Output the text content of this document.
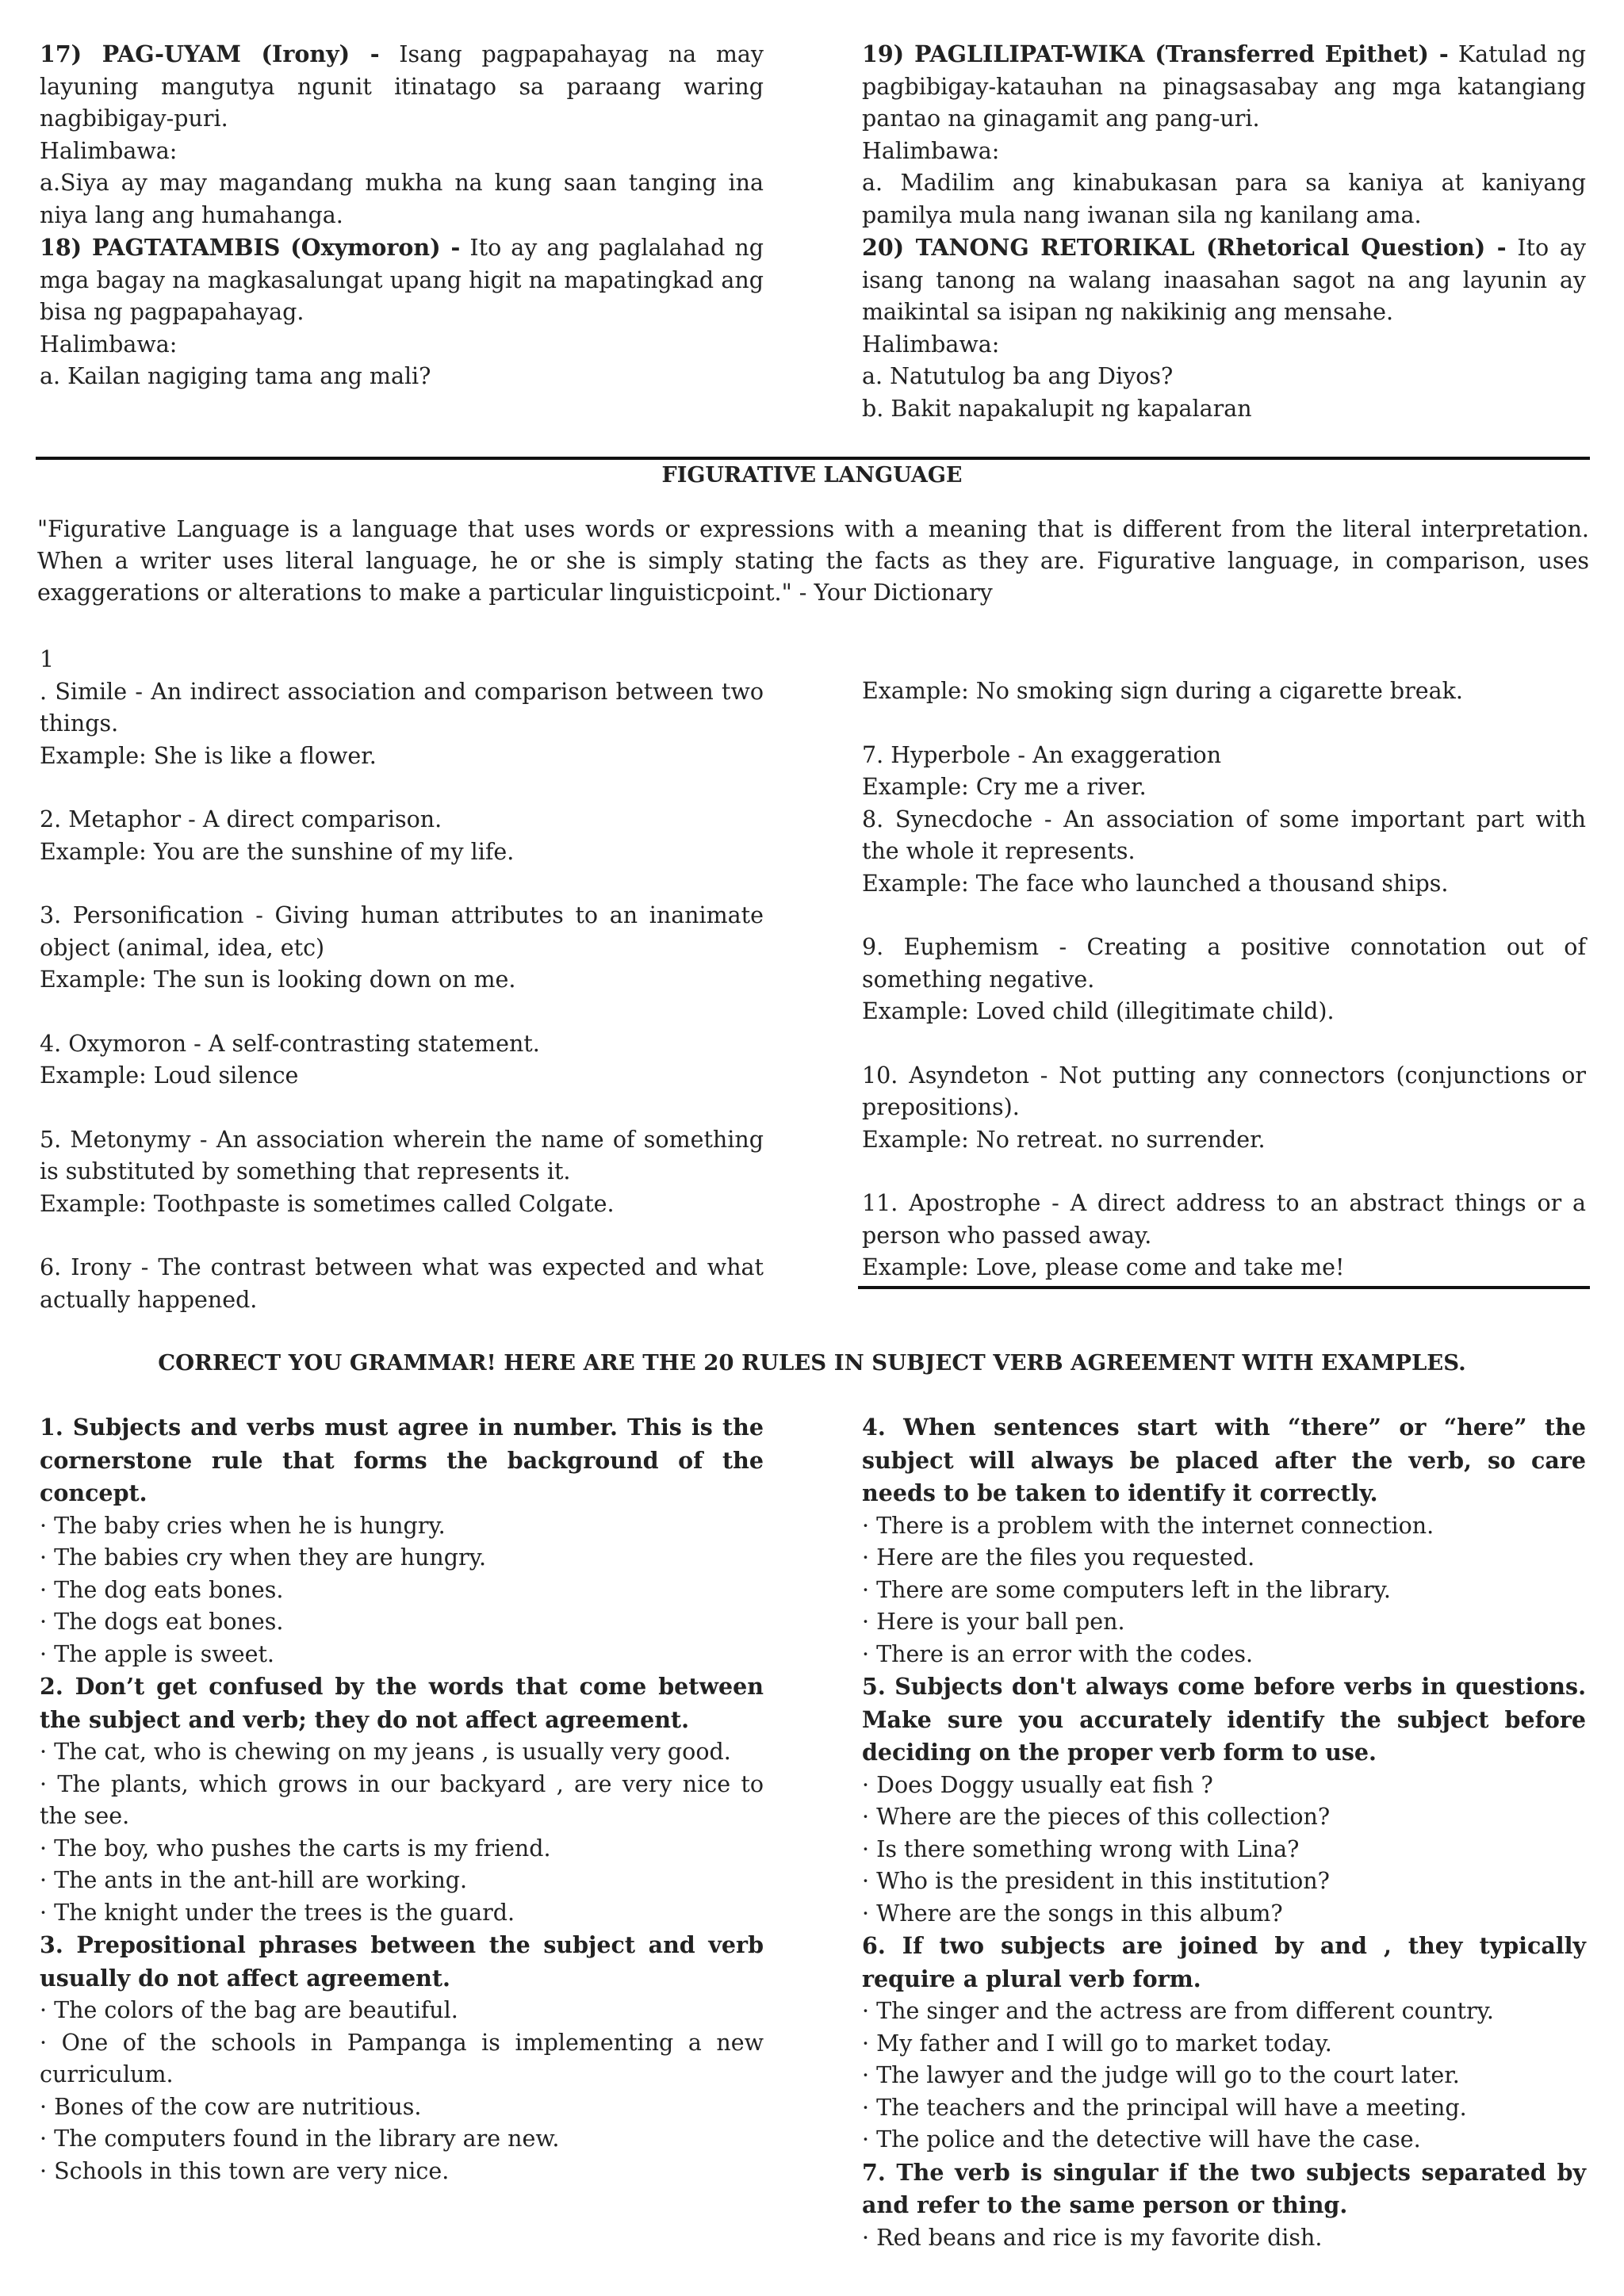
17) PAG-UYAM (Irony) - Isang pagpapahayag na may layuning mangutya ngunit itinatago sa paraang waring nagbibigay-puri.

Halimbawa:

a.Siya ay may magandang mukha na kung saan tanging ina niya lang ang humahanga.

18) PAGTATAMBIS (Oxymoron) - Ito ay ang paglalahad ng mga bagay na magkasalungat upang higit na mapatingkad ang bisa ng pagpapahayag.

Halimbawa:

a. Kailan nagiging tama ang mali?

19) PAGLILIPAT-WIKA (Transferred Epithet) - Katulad ng pagbibigay-katauhan na pinagsasabay ang mga katangiang pantao na ginagamit ang pang-uri.

Halimbawa:

a. Madilim ang kinabukasan para sa kaniya at kaniyang pamilya mula nang iwanan sila ng kanilang ama.

20) TANONG RETORIKAL (Rhetorical Question) - Ito ay isang tanong na walang inaasahan sagot na ang layunin ay maikintal sa isipan ng nakikinig ang mensahe.

Halimbawa:

a. Natutulog ba ang Diyos?

b. Bakit napakalupit ng kapalaran

FIGURATIVE LANGUAGE

"Figurative Language is a language that uses words or expressions with a meaning that is different from the literal interpretation. When a writer uses literal language, he or she is simply stating the facts as they are. Figurative language, in comparison, uses exaggerations or alterations to make a particular linguisticpoint." - Your Dictionary

1

. Simile - An indirect association and comparison between two things.

Example: She is like a flower.

2. Metaphor - A direct comparison.

Example: You are the sunshine of my life.

3. Personification - Giving human attributes to an inanimate object (animal, idea, etc)

Example: The sun is looking down on me.

4. Oxymoron - A self-contrasting statement.

Example: Loud silence

5. Metonymy - An association wherein the name of something is substituted by something that represents it.

Example: Toothpaste is sometimes called Colgate.

6. Irony - The contrast between what was expected and what actually happened.

Example: No smoking sign during a cigarette break.

7. Hyperbole - An exaggeration

Example: Cry me a river.

8. Synecdoche - An association of some important part with the whole it represents.

Example: The face who launched a thousand ships.

9. Euphemism - Creating a positive connotation out of something negative.

Example: Loved child (illegitimate child).

10. Asyndeton - Not putting any connectors (conjunctions or prepositions).

Example: No retreat. no surrender.

11. Apostrophe - A direct address to an abstract things or a person who passed away.

Example: Love, please come and take me!

CORRECT YOU GRAMMAR! HERE ARE THE 20 RULES IN SUBJECT VERB AGREEMENT WITH EXAMPLES.

1. Subjects and verbs must agree in number. This is the cornerstone rule that forms the background of the concept.

· The baby cries when he is hungry.

· The babies cry when they are hungry.

· The dog eats bones.

· The dogs eat bones.

· The apple is sweet.

2. Don’t get confused by the words that come between the subject and verb; they do not affect agreement.

· The cat, who is chewing on my jeans , is usually very good.

· The plants, which grows in our backyard , are very nice to the see.

· The boy, who pushes the carts is my friend.

· The ants in the ant-hill are working.

· The knight under the trees is the guard.

3. Prepositional phrases between the subject and verb usually do not affect agreement.

· The colors of the bag are beautiful.

· One of the schools in Pampanga is implementing a new curriculum.

· Bones of the cow are nutritious.

· The computers found in the library are new.

· Schools in this town are very nice.

4. When sentences start with “there” or “here” the subject will always be placed after the verb, so care needs to be taken to identify it correctly.

· There is a problem with the internet connection.

· Here are the files you requested.

· There are some computers left in the library.

· Here is your ball pen.

· There is an error with the codes.

5. Subjects don't always come before verbs in questions. Make sure you accurately identify the subject before deciding on the proper verb form to use.

· Does Doggy usually eat fish ?

· Where are the pieces of this collection?

· Is there something wrong with Lina?

· Who is the president in this institution?

· Where are the songs in this album?

6. If two subjects are joined by and , they typically require a plural verb form.

· The singer and the actress are from different country.

· My father and I will go to market today.

· The lawyer and the judge will go to the court later.

· The teachers and the principal will have a meeting.

· The police and the detective will have the case.

7. The verb is singular if the two subjects separated by and refer to the same person or thing.

· Red beans and rice is my favorite dish.
